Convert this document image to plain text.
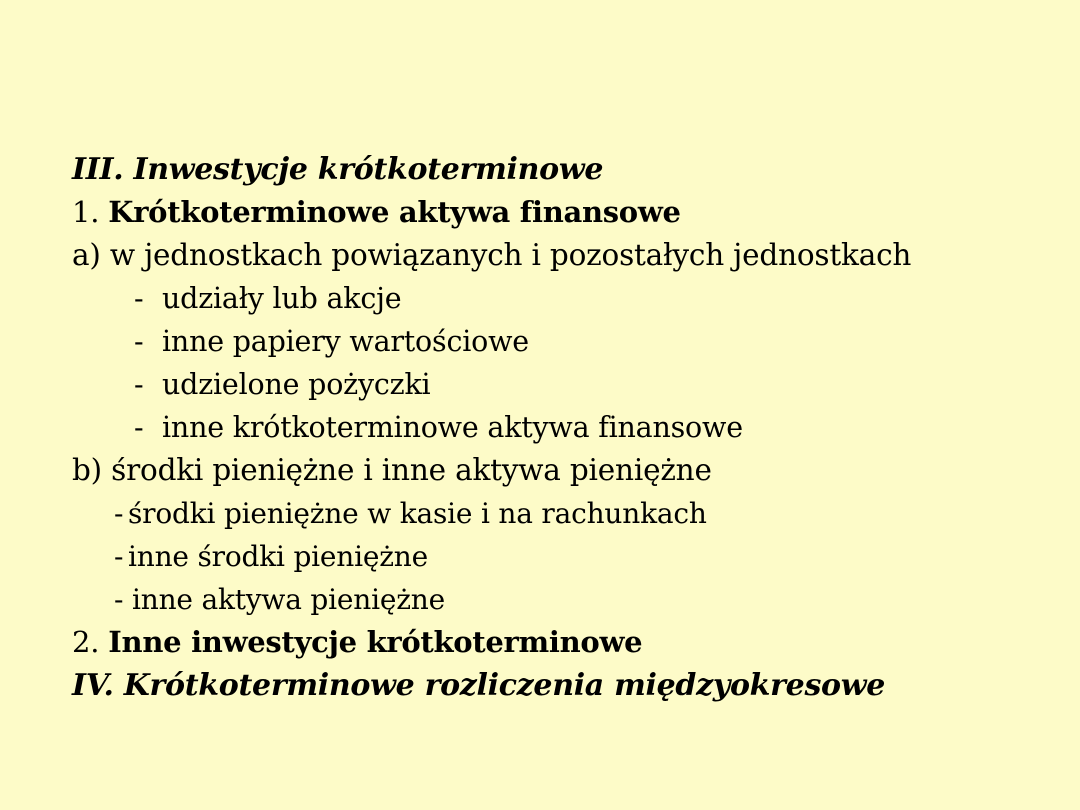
III. Inwestycje krótkoterminowe
1. Krótkoterminowe aktywa finansowe
a) w jednostkach powiązanych i pozostałych jednostkach
- udziały lub akcje
- inne papiery wartościowe
- udzielone pożyczki
- inne krótkoterminowe aktywa finansowe
b) środki pieniężne i inne aktywa pieniężne
- środki pieniężne w kasie i na rachunkach
- inne środki pieniężne
- inne aktywa pieniężne
2. Inne inwestycje krótkoterminowe
IV. Krótkoterminowe rozliczenia międzyokresowe
